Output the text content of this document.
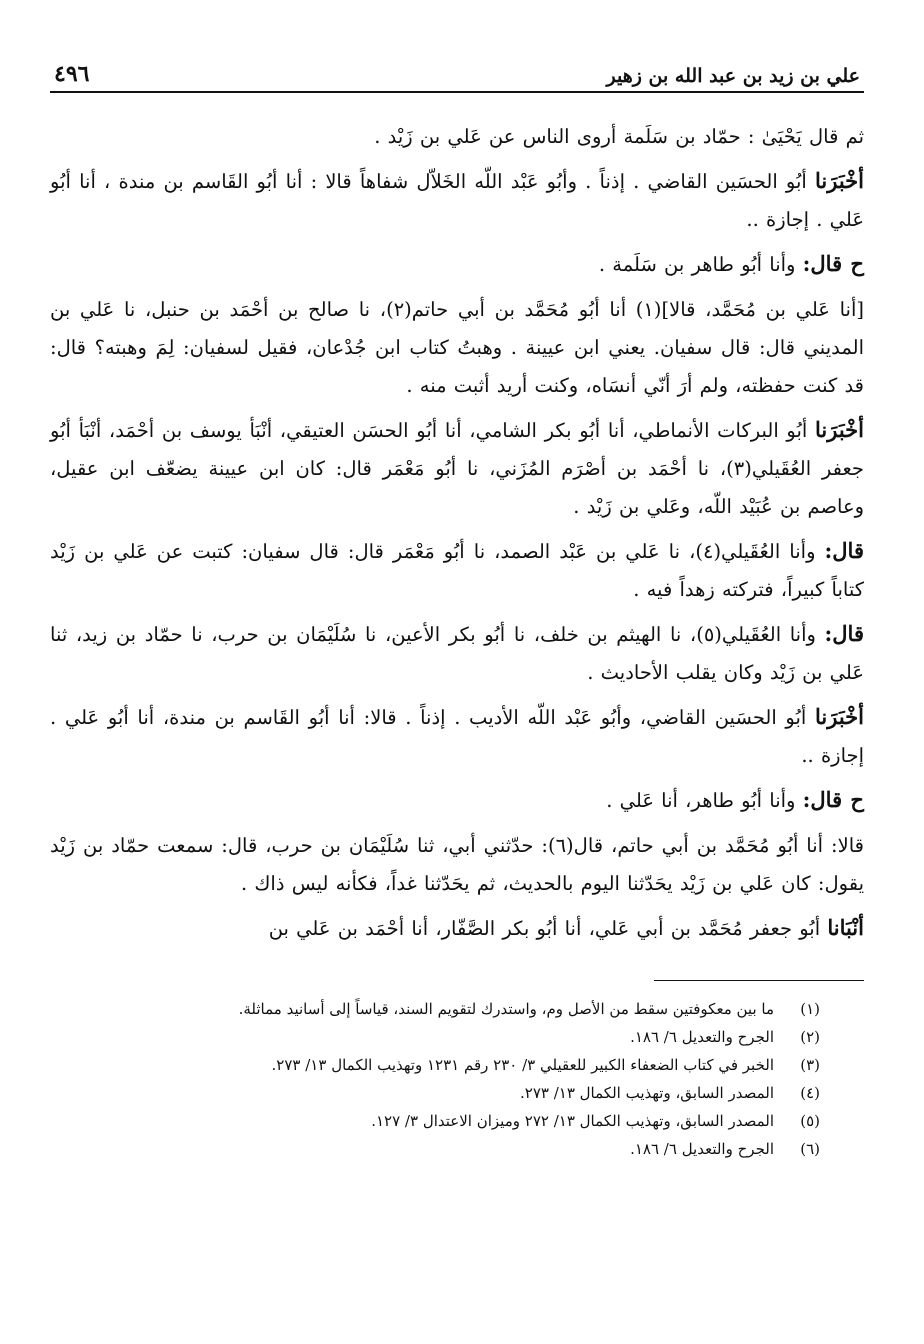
علي بن زيد بن عبد الله بن زهير
٤٩٦

ثم قال يَحْيَىٰ : حمّاد بن سَلَمة أروى الناس عن عَلي بن زَيْد .

أخْبَرَنا أبُو الحسَين القاضي . إذناً . وأبُو عَبْد اللّه الخَلاّل شفاهاً قالا : أنا أبُو القَاسم بن مندة ، أنا أبُو عَلي . إجازة ..

ح قال: وأنا أبُو طاهر بن سَلَمة .

[أنا عَلي بن مُحَمَّد، قالا](١) أنا أبُو مُحَمَّد بن أبي حاتم(٢)، نا صالح بن أحْمَد بن حنبل، نا عَلي بن المديني قال: قال سفيان. يعني ابن عيينة . وهبتُ كتاب ابن جُدْعان، فقيل لسفيان: لِمَ وهبته؟ قال: قد كنت حفظته، ولم أرَ أنّي أنسَاه، وكنت أريد أثبت منه .

أخْبَرَنا أبُو البركات الأنماطي، أنا أبُو بكر الشامي، أنا أبُو الحسَن العتيقي، أنْبَأ يوسف بن أحْمَد، أنْبَأ أبُو جعفر العُقَيلي(٣)، نا أحْمَد بن أصْرَم المُزَني، نا أبُو مَعْمَر قال: كان ابن عيينة يضعّف ابن عقيل، وعاصم بن عُبَيْد اللّه، وعَلي بن زَيْد .

قال: وأنا العُقَيلي(٤)، نا عَلي بن عَبْد الصمد، نا أبُو مَعْمَر قال: قال سفيان: كتبت عن عَلي بن زَيْد كتاباً كبيراً، فتركته زهداً فيه .

قال: وأنا العُقَيلي(٥)، نا الهيثم بن خلف، نا أبُو بكر الأعين، نا سُلَيْمَان بن حرب، نا حمّاد بن زيد، ثنا عَلي بن زَيْد وكان يقلب الأحاديث .

أخْبَرَنا أبُو الحسَين القاضي، وأبُو عَبْد اللّه الأديب . إذناً . قالا: أنا أبُو القَاسم بن مندة، أنا أبُو عَلي . إجازة ..

ح قال: وأنا أبُو طاهر، أنا عَلي .

قالا: أنا أبُو مُحَمَّد بن أبي حاتم، قال(٦): حدّثني أبي، ثنا سُلَيْمَان بن حرب، قال: سمعت حمّاد بن زَيْد يقول: كان عَلي بن زَيْد يحَدّثنا اليوم بالحديث، ثم يحَدّثنا غداً، فكأنه ليس ذاك .

أنْبَانا أبُو جعفر مُحَمَّد بن أبي عَلي، أنا أبُو بكر الصَّفّار، أنا أحْمَد بن عَلي بن

(١)
ما بين معكوفتين سقط من الأصل وم، واستدرك لتقويم السند، قياساً إلى أسانيد مماثلة.
(٢)
الجرح والتعديل ٦/ ١٨٦.
(٣)
الخبر في كتاب الضعفاء الكبير للعقيلي ٣/ ٢٣٠ رقم ١٢٣١ وتهذيب الكمال ١٣/ ٢٧٣.
(٤)
المصدر السابق، وتهذيب الكمال ١٣/ ٢٧٣.
(٥)
المصدر السابق، وتهذيب الكمال ١٣/ ٢٧٢ وميزان الاعتدال ٣/ ١٢٧.
(٦)
الجرح والتعديل ٦/ ١٨٦.
